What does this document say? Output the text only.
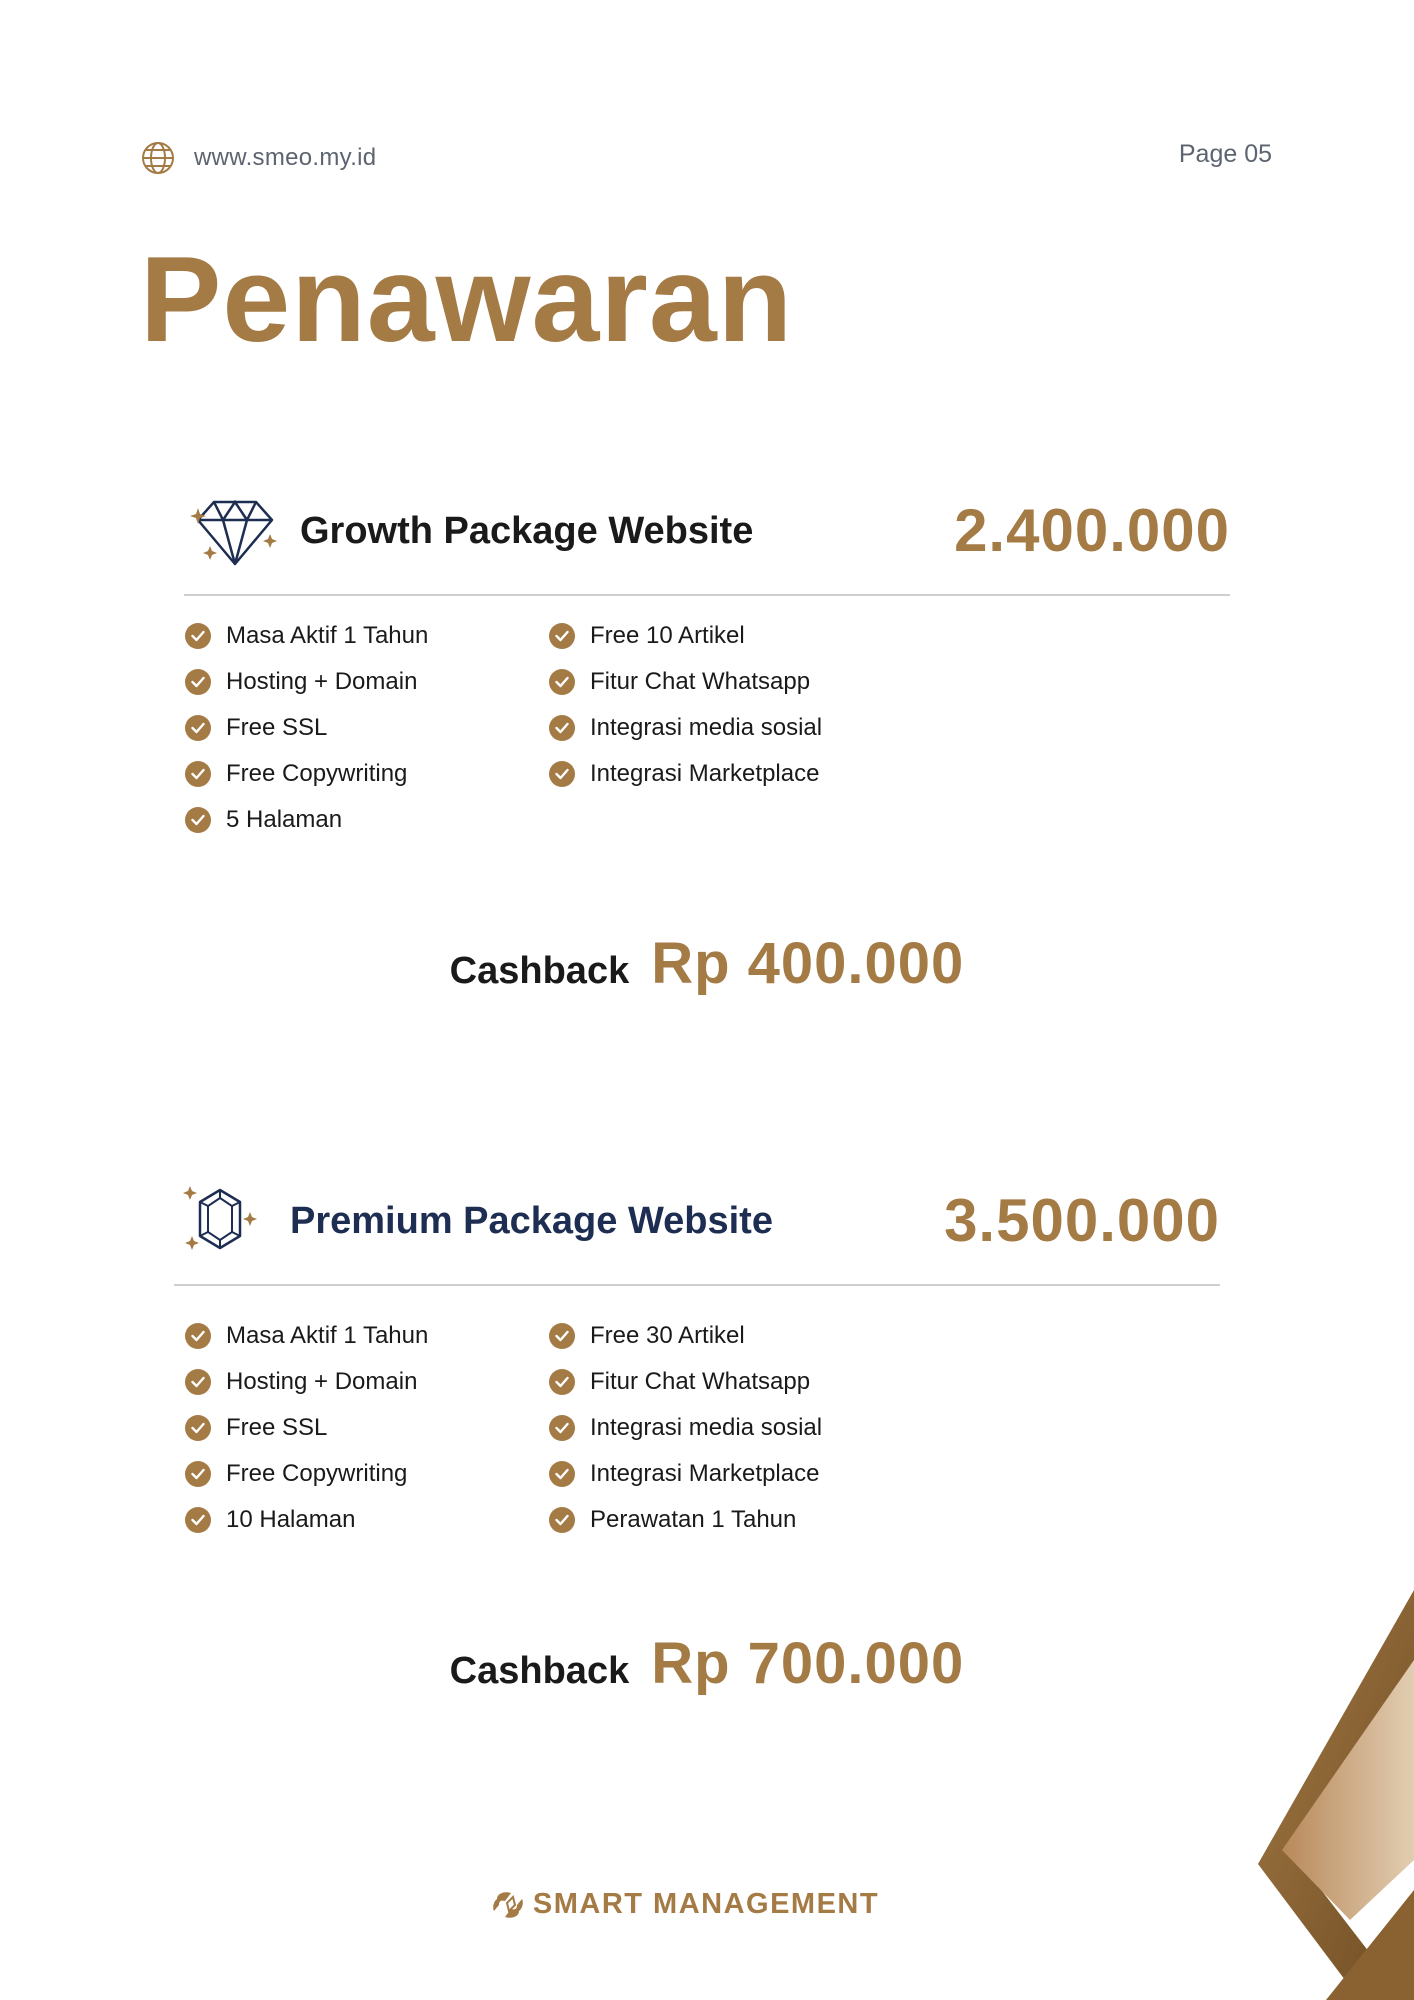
www.smeo.my.id	Page 05
Penawaran
Growth Package Website	2.400.000
Masa Aktif 1 Tahun
Hosting + Domain
Free SSL
Free Copywriting
5 Halaman
Free 10 Artikel
Fitur Chat Whatsapp
Integrasi media sosial
Integrasi Marketplace
Cashback Rp 400.000
Premium Package Website	3.500.000
Masa Aktif 1 Tahun
Hosting + Domain
Free SSL
Free Copywriting
10 Halaman
Free 30 Artikel
Fitur Chat Whatsapp
Integrasi media sosial
Integrasi Marketplace
Perawatan 1 Tahun
Cashback Rp 700.000
SMART MANAGEMENT
